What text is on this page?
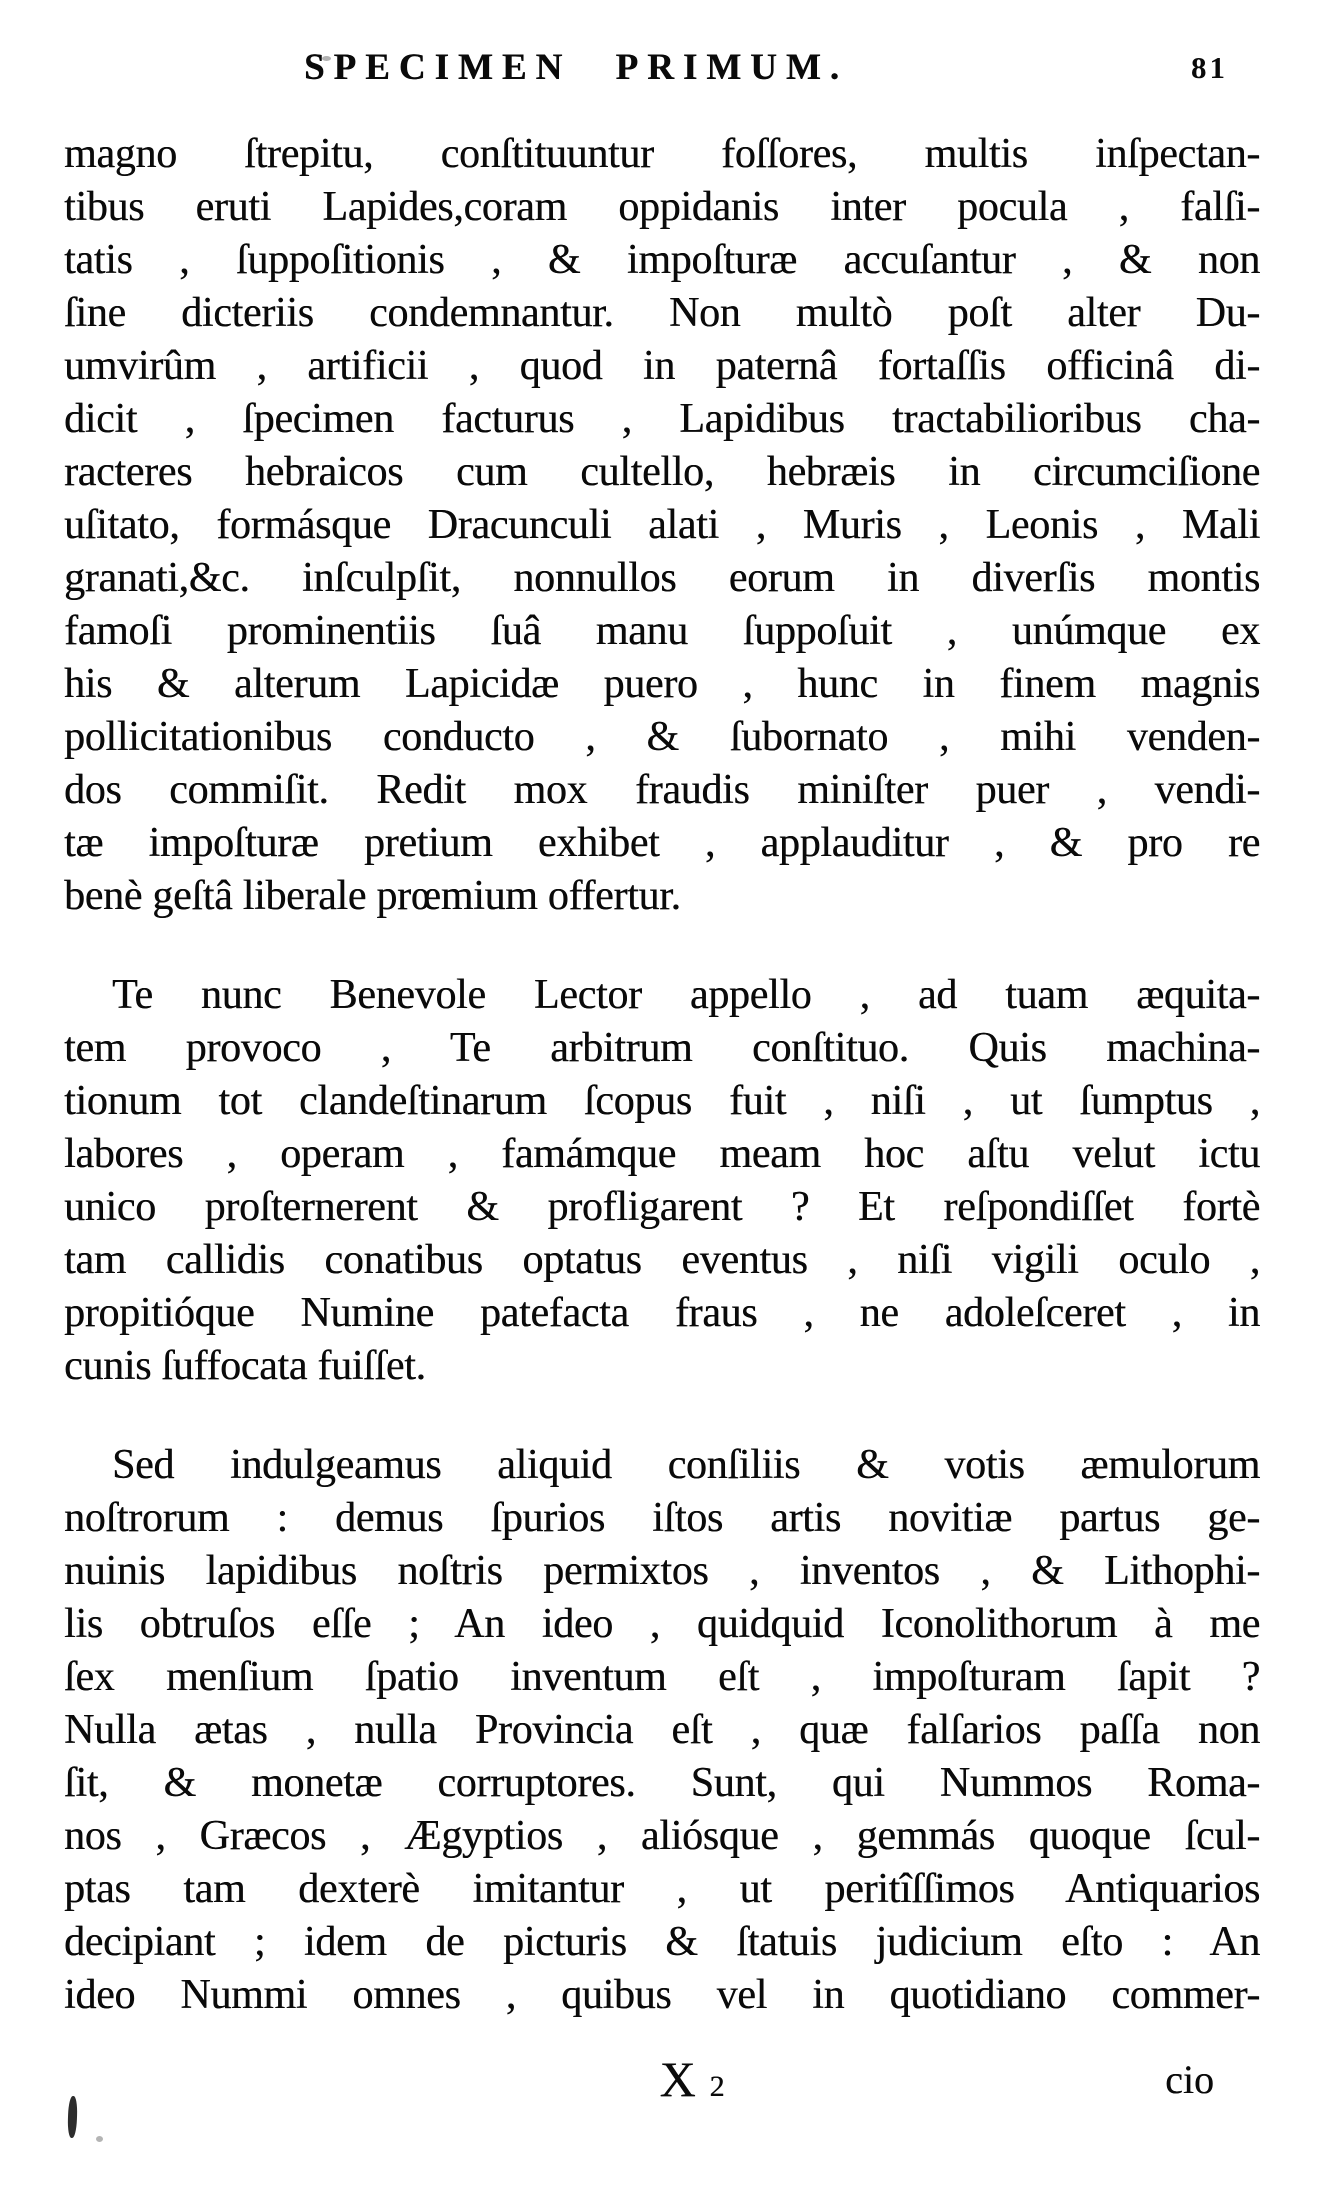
SPECIMEN PRIMUM.	81
magno ſtrepitu, conſtituuntur foſſores, multis inſpectan-
tibus eruti Lapides,coram oppidanis inter pocula , falſi-
tatis , ſuppoſitionis , & impoſturæ accuſantur , & non
ſine dicteriis condemnantur. Non multò poſt alter Du-
umvirûm , artificii , quod in paternâ fortaſſis officinâ di-
dicit , ſpecimen facturus , Lapidibus tractabilioribus cha-
racteres hebraicos cum cultello, hebræis in circumciſione
uſitato, formásque Dracunculi alati , Muris , Leonis , Mali
granati,&c. inſculpſit, nonnullos eorum in diverſis montis
famoſi prominentiis ſuâ manu ſuppoſuit , unúmque ex
his & alterum Lapicidæ puero , hunc in finem magnis
pollicitationibus conducto , & ſubornato , mihi venden-
dos commiſit. Redit mox fraudis miniſter puer , vendi-
tæ impoſturæ pretium exhibet , applauditur , & pro re
benè geſtâ liberale prœmium offertur.
Te nunc Benevole Lector appello , ad tuam æquita-
tem provoco , Te arbitrum conſtituo. Quis machina-
tionum tot clandeſtinarum ſcopus fuit , niſi , ut ſumptus ,
labores , operam , famámque meam hoc aſtu velut ictu
unico proſternerent & profligarent ? Et reſpondiſſet fortè
tam callidis conatibus optatus eventus , niſi vigili oculo ,
propitióque Numine patefacta fraus , ne adoleſceret , in
cunis ſuffocata fuiſſet.
Sed indulgeamus aliquid conſiliis & votis æmulorum
noſtrorum : demus ſpurios iſtos artis novitiæ partus ge-
nuinis lapidibus noſtris permixtos , inventos , & Lithophi-
lis obtruſos eſſe ; An ideo , quidquid Iconolithorum à me
ſex menſium ſpatio inventum eſt , impoſturam ſapit ?
Nulla ætas , nulla Provincia eſt , quæ falſarios paſſa non
ſit, & monetæ corruptores. Sunt, qui Nummos Roma-
nos , Græcos , Ægyptios , aliósque , gemmás quoque ſcul-
ptas tam dexterè imitantur , ut peritîſſimos Antiquarios
decipiant ; idem de picturis & ſtatuis judicium eſto : An
ideo Nummi omnes , quibus vel in quotidiano commer-
X 2	cio
